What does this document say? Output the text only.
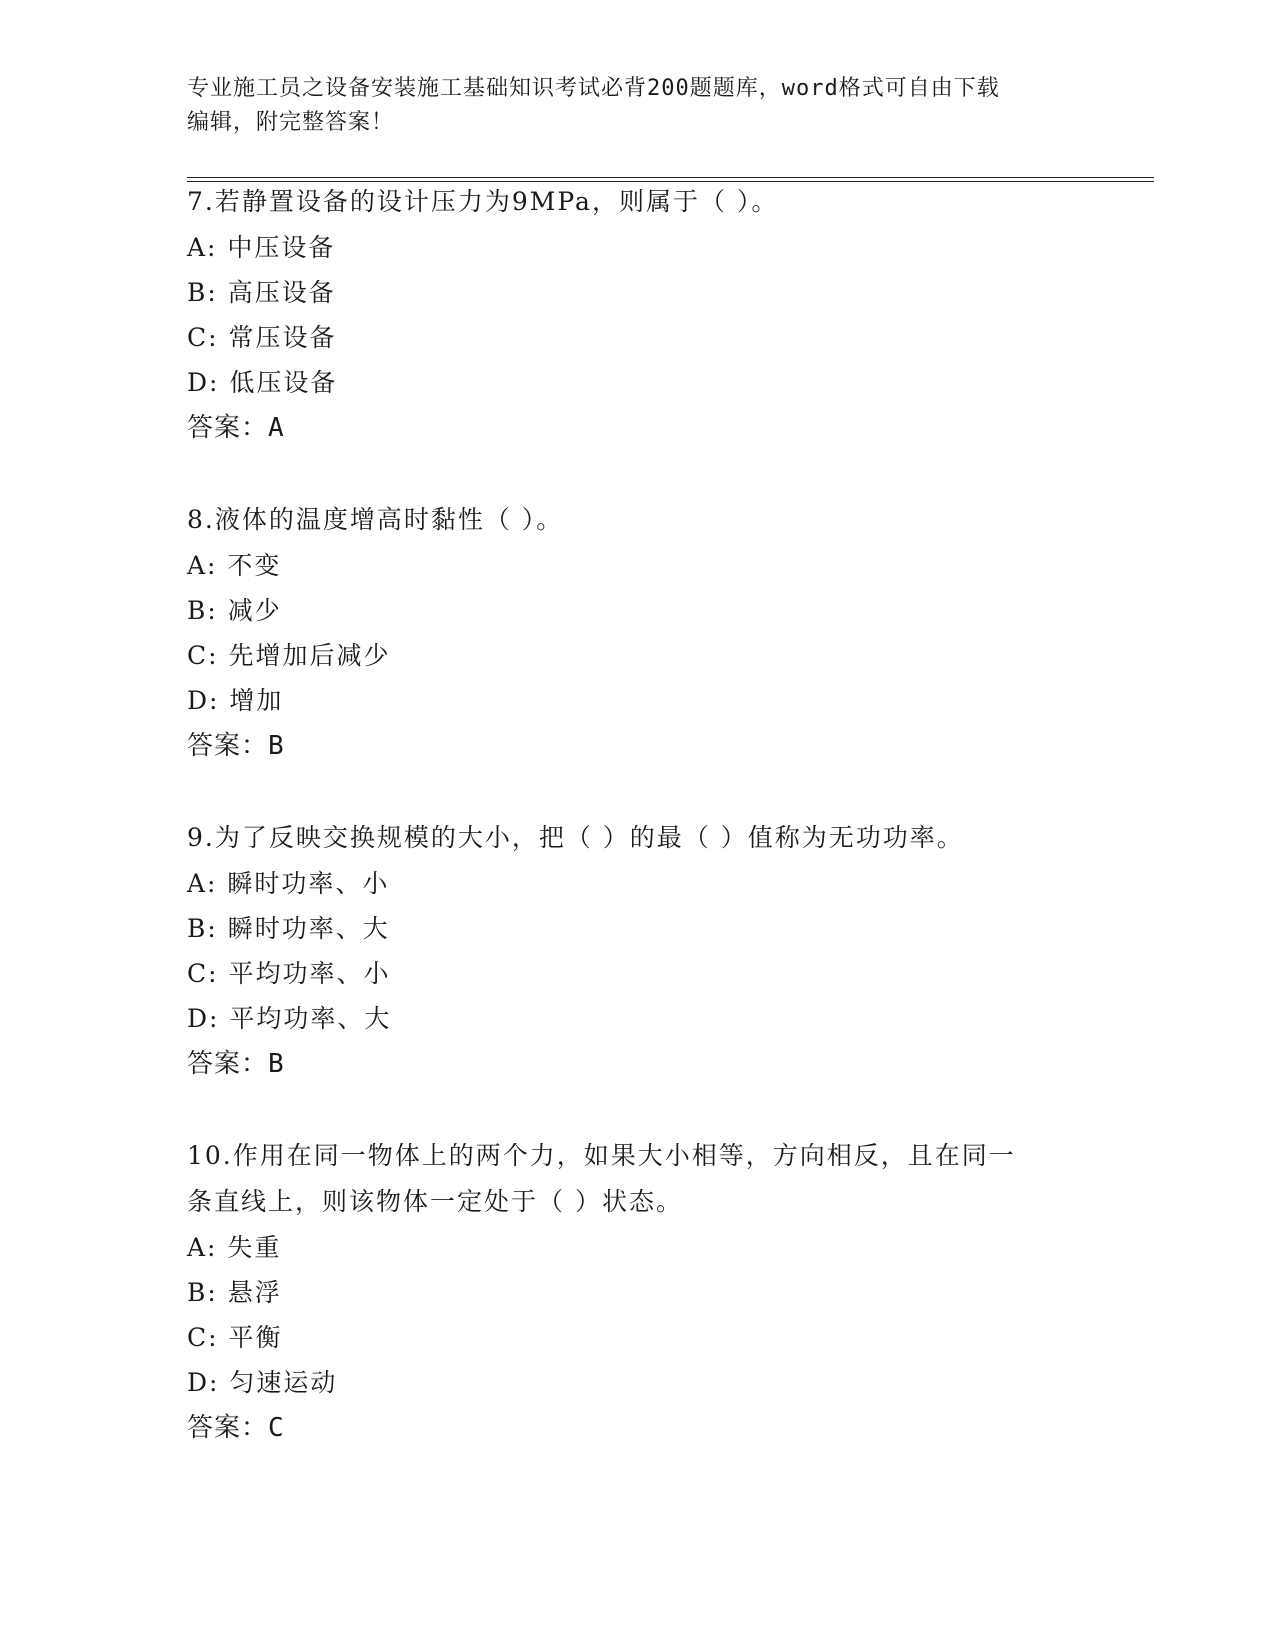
专业施工员之设备安装施工基础知识考试必背200题题库，word格式可自由下载
编辑，附完整答案！

7.若静置设备的设计压力为9MPa，则属于（ ）。

A: 中压设备

B: 高压设备

C: 常压设备

D: 低压设备

答案：A

8.液体的温度增高时黏性（ ）。

A: 不变

B: 减少

C: 先增加后减少

D: 增加

答案：B

9.为了反映交换规模的大小，把（ ）的最（ ）值称为无功功率。

A: 瞬时功率、小

B: 瞬时功率、大

C: 平均功率、小

D: 平均功率、大

答案：B

10.作用在同一物体上的两个力，如果大小相等，方向相反，且在同一

条直线上，则该物体一定处于（ ）状态。

A: 失重

B: 悬浮

C: 平衡

D: 匀速运动

答案：C
